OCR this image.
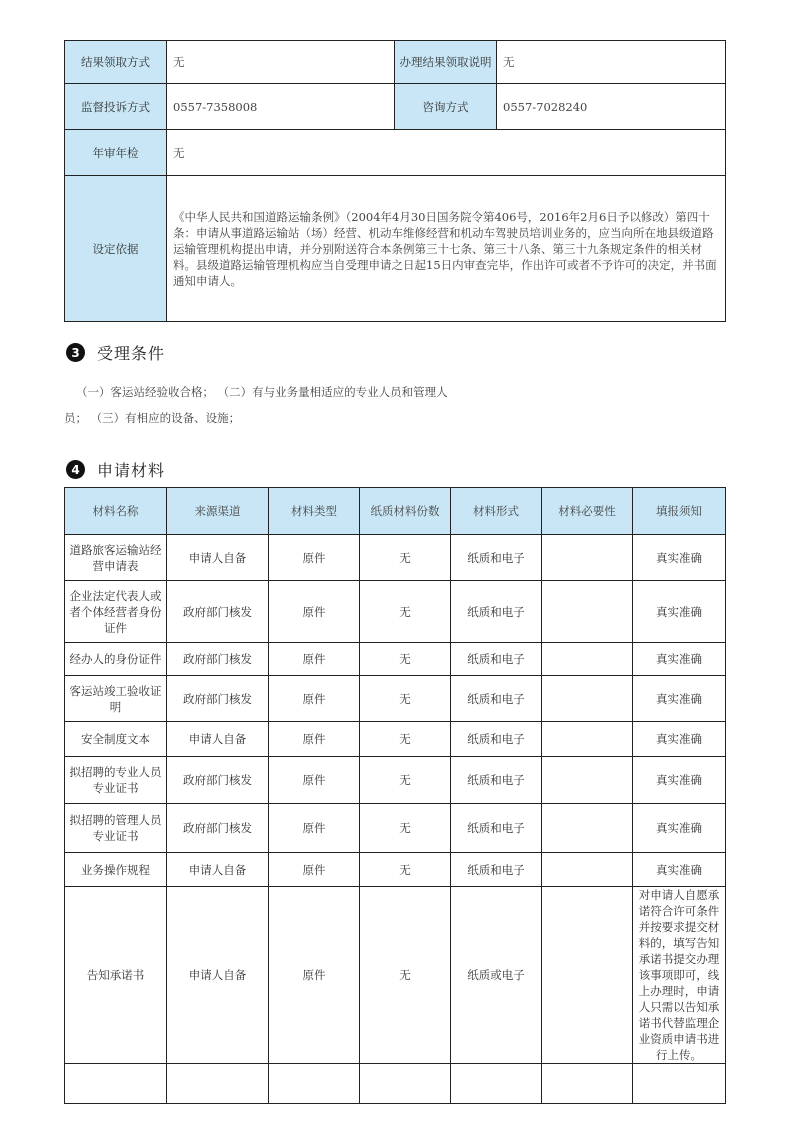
结果领取方式	无	办理结果领取说明	无
监督投诉方式	0557-7358008	咨询方式	0557-7028240
年审年检	无		
设定依据	《中华人民共和国道路运输条例》（2004年4月30日国务院令第406号，2016年2月6日予以修改）第四十条：申请从事道路运输站（场）经营、机动车维修经营和机动车驾驶员培训业务的，应当向所在地县级道路运输管理机构提出申请，并分别附送符合本条例第三十七条、第三十八条、第三十九条规定条件的相关材料。县级道路运输管理机构应当自受理申请之日起15日内审查完毕，作出许可或者不予许可的决定，并书面通知申请人。		
3	受理条件
（一）客运站经验收合格； （二）有与业务量相适应的专业人员和管理人
员； （三）有相应的设备、设施；
4	申请材料
材料名称	来源渠道	材料类型	纸质材料份数	材料形式	材料必要性	填报须知
道路旅客运输站经营申请表	申请人自备	原件	无	纸质和电子		真实准确
企业法定代表人或者个体经营者身份证件	政府部门核发	原件	无	纸质和电子		真实准确
经办人的身份证件	政府部门核发	原件	无	纸质和电子		真实准确
客运站竣工验收证明	政府部门核发	原件	无	纸质和电子		真实准确
安全制度文本	申请人自备	原件	无	纸质和电子		真实准确
拟招聘的专业人员专业证书	政府部门核发	原件	无	纸质和电子		真实准确
拟招聘的管理人员专业证书	政府部门核发	原件	无	纸质和电子		真实准确
业务操作规程	申请人自备	原件	无	纸质和电子		真实准确
告知承诺书	申请人自备	原件	无	纸质或电子		对申请人自愿承诺符合许可条件并按要求提交材料的，填写告知承诺书提交办理该事项即可，线上办理时，申请人只需以告知承诺书代替监理企业资质申请书进行上传。
